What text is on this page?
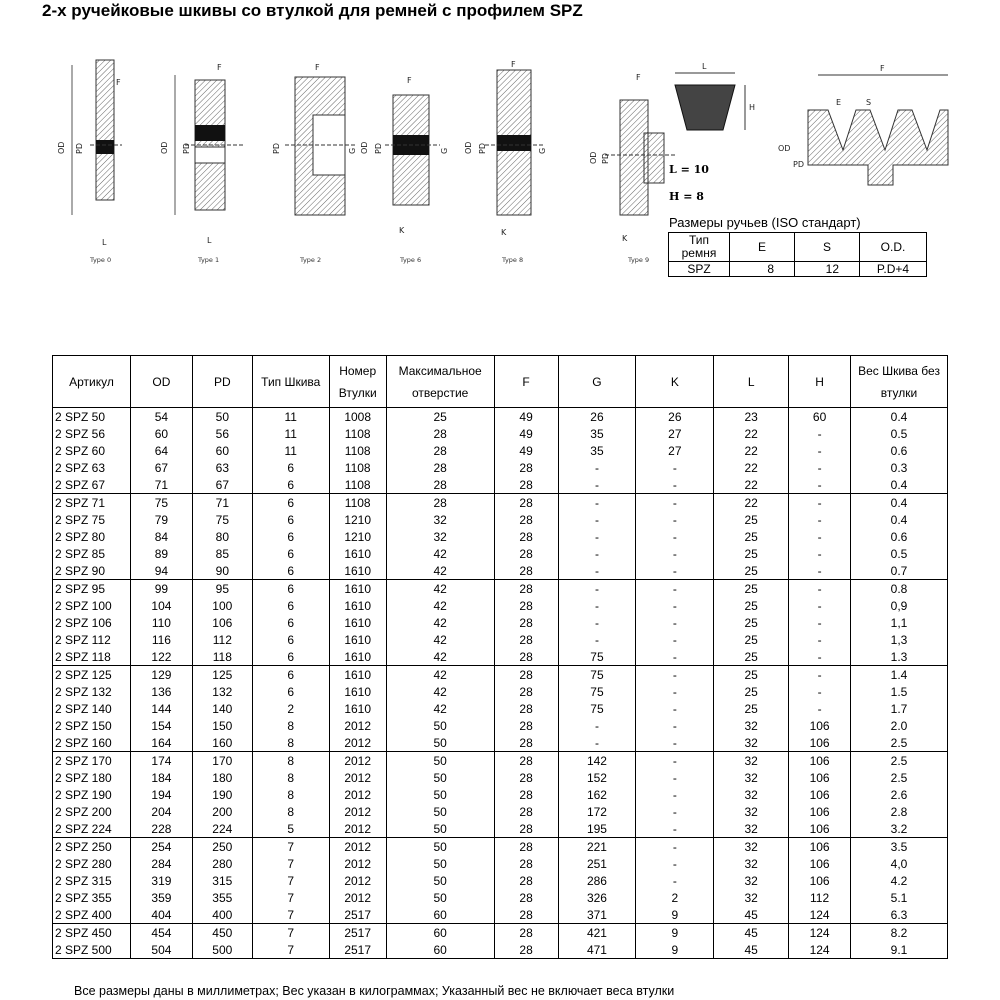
2-х ручейковые шкивы со втулкой для ремней с профилем SPZ
OD PD
F
L
OD PD
F
L
PD	G
F
OD PD	G
F
K
OD PD	G
F
K
OD PD
F
K
L
H
F
E	S
OD
PD
Type 0	Type 1	Type 2	Type 6	Type 8	Type 9
L = 10
H = 8
Размеры ручьев (ISO стандарт)
Тип ремня	E	S	O.D.
SPZ	8	12	P.D+4
Артикул	OD	PD	Тип Шкива	Номер Втулки	Максимальное отверстие	F	G	K	L	H	Вес Шкива без втулки
2 SPZ 50	54	50	11	1008	25	49	26	26	23	60	0.4
2 SPZ 56	60	56	11	1108	28	49	35	27	22	-	0.5
2 SPZ 60	64	60	11	1108	28	49	35	27	22	-	0.6
2 SPZ 63	67	63	6	1108	28	28	-	-	22	-	0.3
2 SPZ 67	71	67	6	1108	28	28	-	-	22	-	0.4
2 SPZ 71	75	71	6	1108	28	28	-	-	22	-	0.4
2 SPZ 75	79	75	6	1210	32	28	-	-	25	-	0.4
2 SPZ 80	84	80	6	1210	32	28	-	-	25	-	0.6
2 SPZ 85	89	85	6	1610	42	28	-	-	25	-	0.5
2 SPZ 90	94	90	6	1610	42	28	-	-	25	-	0.7
2 SPZ 95	99	95	6	1610	42	28	-	-	25	-	0.8
2 SPZ 100	104	100	6	1610	42	28	-	-	25	-	0,9
2 SPZ 106	110	106	6	1610	42	28	-	-	25	-	1,1
2 SPZ 112	116	112	6	1610	42	28	-	-	25	-	1,3
2 SPZ 118	122	118	6	1610	42	28	75	-	25	-	1.3
2 SPZ 125	129	125	6	1610	42	28	75	-	25	-	1.4
2 SPZ 132	136	132	6	1610	42	28	75	-	25	-	1.5
2 SPZ 140	144	140	2	1610	42	28	75	-	25	-	1.7
2 SPZ 150	154	150	8	2012	50	28	-	-	32	106	2.0
2 SPZ 160	164	160	8	2012	50	28	-	-	32	106	2.5
2 SPZ 170	174	170	8	2012	50	28	142	-	32	106	2.5
2 SPZ 180	184	180	8	2012	50	28	152	-	32	106	2.5
2 SPZ 190	194	190	8	2012	50	28	162	-	32	106	2.6
2 SPZ 200	204	200	8	2012	50	28	172	-	32	106	2.8
2 SPZ 224	228	224	5	2012	50	28	195	-	32	106	3.2
2 SPZ 250	254	250	7	2012	50	28	221	-	32	106	3.5
2 SPZ 280	284	280	7	2012	50	28	251	-	32	106	4,0
2 SPZ 315	319	315	7	2012	50	28	286	-	32	106	4.2
2 SPZ 355	359	355	7	2012	50	28	326	2	32	112	5.1
2 SPZ 400	404	400	7	2517	60	28	371	9	45	124	6.3
2 SPZ 450	454	450	7	2517	60	28	421	9	45	124	8.2
2 SPZ 500	504	500	7	2517	60	28	471	9	45	124	9.1
Все размеры даны в миллиметрах; Вес указан в килограммах; Указанный вес не включает веса втулки
